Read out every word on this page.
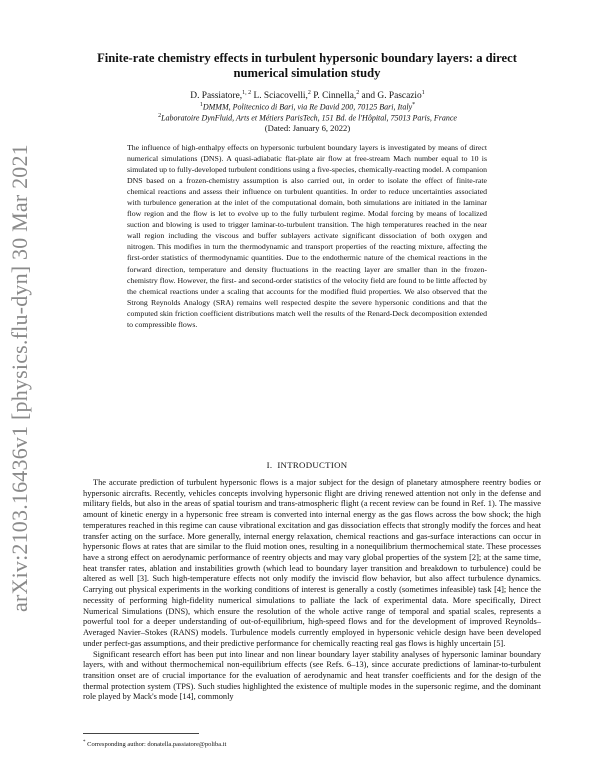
arXiv:2103.16436v1 [physics.flu-dyn] 30 Mar 2021
Finite-rate chemistry effects in turbulent hypersonic boundary layers: a direct numerical simulation study
D. Passiatore,$^{1, 2}$ L. Sciacovelli,$^2$ P. Cinnella,$^2$ and G. Pascazio$^1$
$^1$DMMM, Politecnico di Bari, via Re David 200, 70125 Bari, Italy*
$^2$Laboratoire DynFluid, Arts et Métiers ParisTech, 151 Bd. de l'Hôpital, 75013 Paris, France
(Dated: January 6, 2022)

The influence of high-enthalpy effects on hypersonic turbulent boundary layers is investigated by means of direct numerical simulations (DNS). A quasi-adiabatic flat-plate air flow at free-stream Mach number equal to 10 is simulated up to fully-developed turbulent conditions using a five-species, chemically-reacting model. A companion DNS based on a frozen-chemistry assumption is also carried out, in order to isolate the effect of finite-rate chemical reactions and assess their influence on turbulent quantities. In order to reduce uncertainties associated with turbulence generation at the inlet of the computational domain, both simulations are initiated in the laminar flow region and the flow is let to evolve up to the fully turbulent regime. Modal forcing by means of localized suction and blowing is used to trigger laminar-to-turbulent transition. The high temperatures reached in the near wall region including the viscous and buffer sublayers activate significant dissociation of both oxygen and nitrogen. This modifies in turn the thermodynamic and transport properties of the reacting mixture, affecting the first-order statistics of thermodynamic quantities. Due to the endothermic nature of the chemical reactions in the forward direction, temperature and density fluctuations in the reacting layer are smaller than in the frozen-chemistry flow. However, the first- and second-order statistics of the velocity field are found to be little affected by the chemical reactions under a scaling that accounts for the modified fluid properties. We also observed that the Strong Reynolds Analogy (SRA) remains well respected despite the severe hypersonic conditions and that the computed skin friction coefficient distributions match well the results of the Renard-Deck decomposition extended to compressible flows.

I. INTRODUCTION

The accurate prediction of turbulent hypersonic flows is a major subject for the design of planetary atmosphere reentry bodies or hypersonic aircrafts. Recently, vehicles concepts involving hypersonic flight are driving renewed attention not only in the defense and military fields, but also in the areas of spatial tourism and trans-atmospheric flight (a recent review can be found in Ref. 1). The massive amount of kinetic energy in a hypersonic free stream is converted into internal energy as the gas flows across the bow shock; the high temperatures reached in this regime can cause vibrational excitation and gas dissociation effects that strongly modify the forces and heat transfer acting on the surface. More generally, internal energy relaxation, chemical reactions and gas-surface interactions can occur in hypersonic flows at rates that are similar to the fluid motion ones, resulting in a nonequilibrium thermochemical state. These processes have a strong effect on aerodynamic performance of reentry objects and may vary global properties of the system [2]; at the same time, heat transfer rates, ablation and instabilities growth (which lead to boundary layer transition and breakdown to turbulence) could be altered as well [3]. Such high-temperature effects not only modify the inviscid flow behavior, but also affect turbulence dynamics. Carrying out physical experiments in the working conditions of interest is generally a costly (sometimes infeasible) task [4]; hence the necessity of performing high-fidelity numerical simulations to palliate the lack of experimental data. More specifically, Direct Numerical Simulations (DNS), which ensure the resolution of the whole active range of temporal and spatial scales, represents a powerful tool for a deeper understanding of out-of-equilibrium, high-speed flows and for the development of improved Reynolds–Averaged Navier–Stokes (RANS) models. Turbulence models currently employed in hypersonic vehicle design have been developed under perfect-gas assumptions, and their predictive performance for chemically reacting real gas flows is highly uncertain [5].

Significant research effort has been put into linear and non linear boundary layer stability analyses of hypersonic laminar boundary layers, with and without thermochemical non-equilibrium effects (see Refs. 6–13), since accurate predictions of laminar-to-turbulent transition onset are of crucial importance for the evaluation of aerodynamic and heat transfer coefficients and for the design of the thermal protection system (TPS). Such studies highlighted the existence of multiple modes in the supersonic regime, and the dominant role played by Mack's mode [14], commonly

* Corresponding author: donatella.passiatore@poliba.it
